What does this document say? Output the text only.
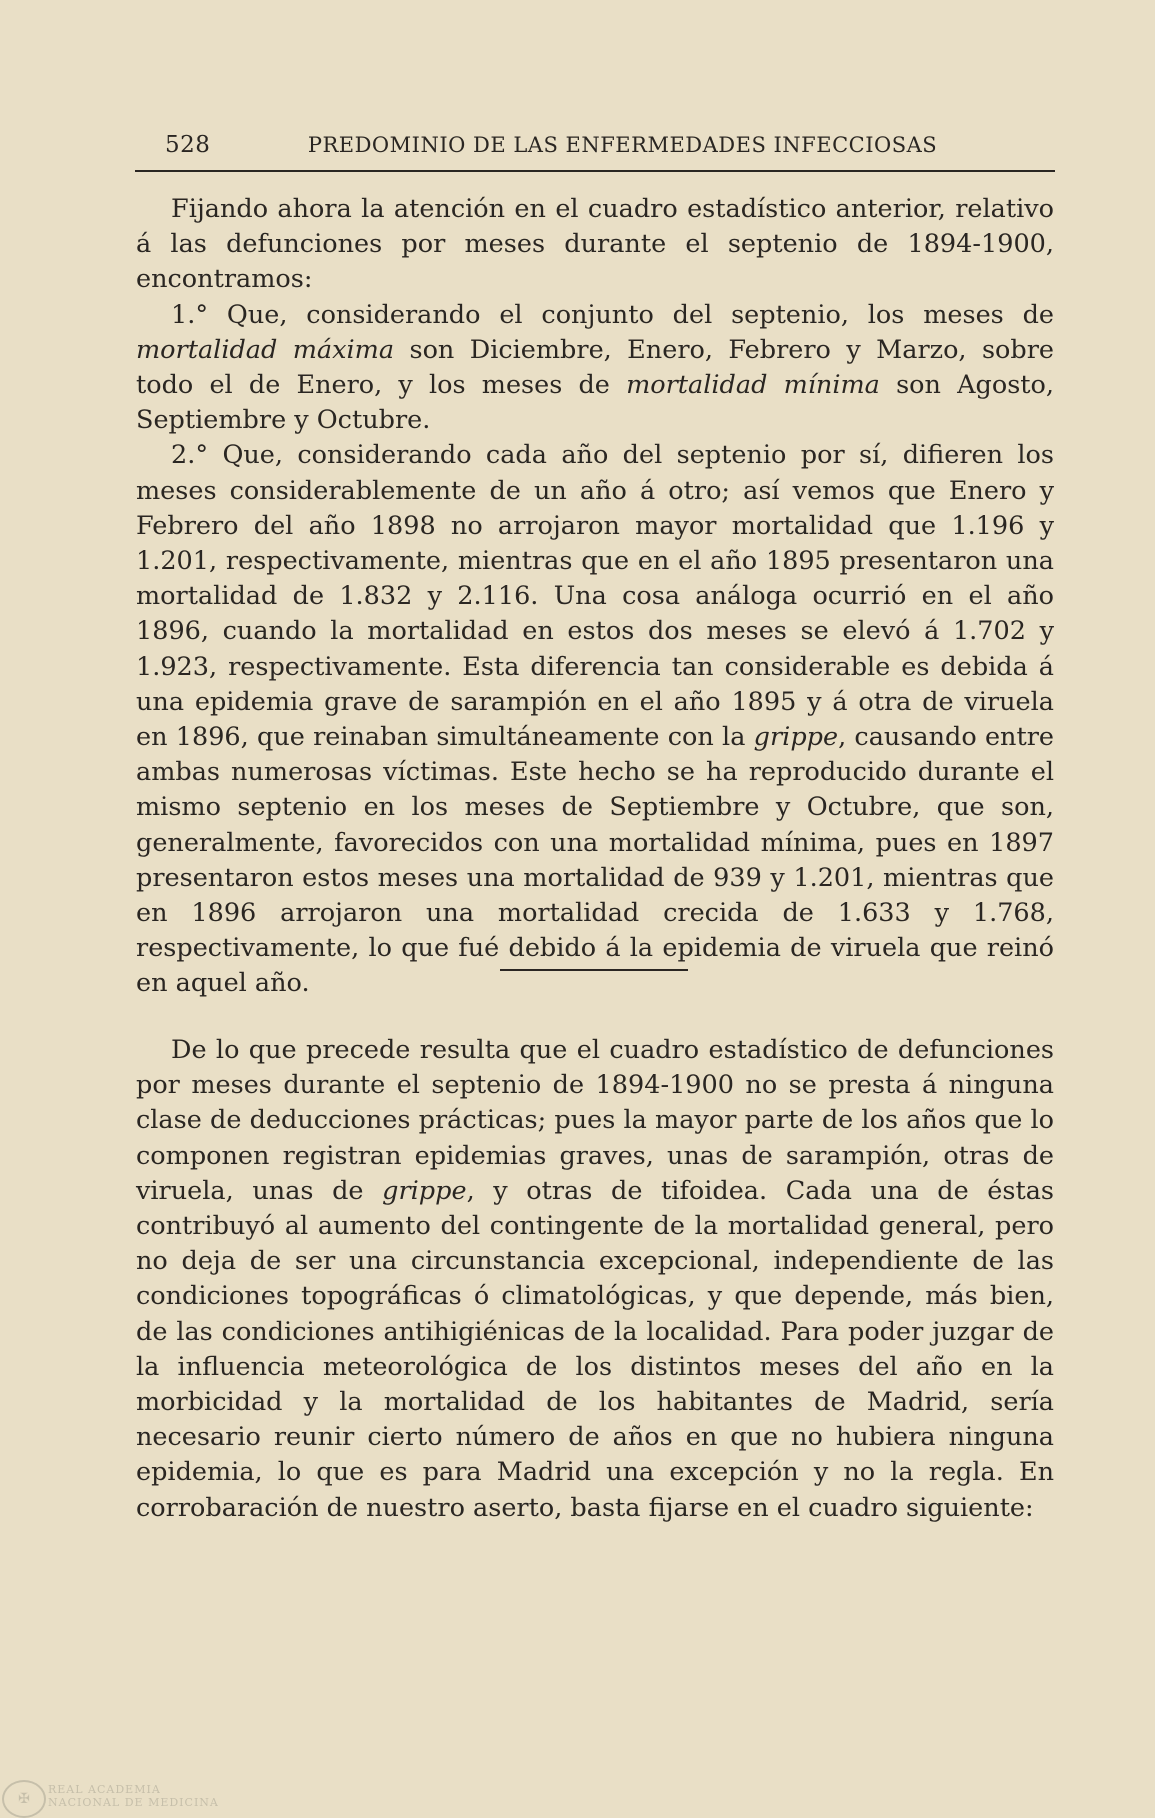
528	PREDOMINIO DE LAS ENFERMEDADES INFECCIOSAS

Fijando ahora la atención en el cuadro estadístico anterior, relativo á las defunciones por meses durante el septenio de 1894-1900, encontramos:

1.° Que, considerando el conjunto del septenio, los meses de mortalidad máxima son Diciembre, Enero, Febrero y Marzo, sobre todo el de Enero, y los meses de mortalidad mínima son Agosto, Septiembre y Octubre.

2.° Que, considerando cada año del septenio por sí, difieren los meses considerablemente de un año á otro; así vemos que Enero y Febrero del año 1898 no arrojaron mayor mortalidad que 1.196 y 1.201, respectivamente, mientras que en el año 1895 presentaron una mortalidad de 1.832 y 2.116. Una cosa análoga ocurrió en el año 1896, cuando la mortalidad en estos dos meses se elevó á 1.702 y 1.923, respectivamente. Esta diferencia tan considerable es debida á una epidemia grave de sarampión en el año 1895 y á otra de viruela en 1896, que reinaban simultáneamente con la grippe, causando entre ambas numerosas víctimas. Este hecho se ha reproducido durante el mismo septenio en los meses de Septiembre y Octubre, que son, generalmente, favorecidos con una mortalidad mínima, pues en 1897 presentaron estos meses una mortalidad de 939 y 1.201, mientras que en 1896 arrojaron una mortalidad crecida de 1.633 y 1.768, respectivamente, lo que fué debido á la epidemia de viruela que reinó en aquel año.

De lo que precede resulta que el cuadro estadístico de defunciones por meses durante el septenio de 1894-1900 no se presta á ninguna clase de deducciones prácticas; pues la mayor parte de los años que lo componen registran epidemias graves, unas de sarampión, otras de viruela, unas de grippe, y otras de tifoidea. Cada una de éstas contribuyó al aumento del contingente de la mortalidad general, pero no deja de ser una circunstancia excepcional, independiente de las condiciones topográficas ó climatológicas, y que depende, más bien, de las condiciones antihigiénicas de la localidad. Para poder juzgar de la influencia meteorológica de los distintos meses del año en la morbicidad y la mortalidad de los habitantes de Madrid, sería necesario reunir cierto número de años en que no hubiera ninguna epidemia, lo que es para Madrid una excepción y no la regla. En corrobaración de nuestro aserto, basta fijarse en el cuadro siguiente:

✠
REAL ACADEMIA
NACIONAL DE MEDICINA
